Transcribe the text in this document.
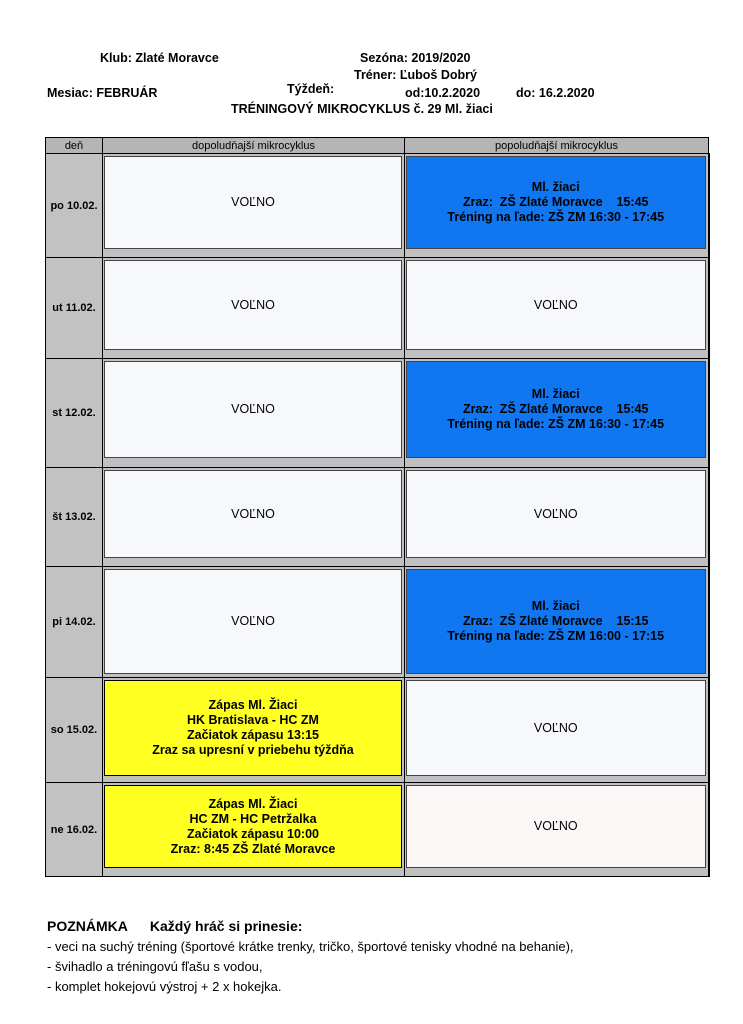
Klub: Zlaté Moravce	Sezóna: 2019/2020
Tréner: Ľuboš Dobrý
Mesiac: FEBRUÁR	Týždeň:	od:10.2.2020	do: 16.2.2020
TRÉNINGOVÝ MIKROCYKLUS č. 29 Ml. žiaci
deň	dopoludňajší mikrocyklus	popoludňajší mikrocyklus
po 10.02.	VOĽNO	Ml. žiaci
Zraz:  ZŠ Zlaté Moravce    15:45
Tréning na ľade: ZŠ ZM 16:30 - 17:45

ut 11.02.	VOĽNO	VOĽNO

st 12.02.	VOĽNO	Ml. žiaci
Zraz:  ZŠ Zlaté Moravce    15:45
Tréning na ľade: ZŠ ZM 16:30 - 17:45

št 13.02.	VOĽNO	VOĽNO

pi 14.02.	VOĽNO	Ml. žiaci
Zraz:  ZŠ Zlaté Moravce    15:15
Tréning na ľade: ZŠ ZM 16:00 - 17:15

so 15.02.	Zápas Ml. Žiaci
HK Bratislava - HC ZM
Začiatok zápasu 13:15
Zraz sa upresní v priebehu týždňa	VOĽNO

ne 16.02.	Zápas Ml. Žiaci
HC ZM - HC Petržalka
Začiatok zápasu 10:00
Zraz: 8:45 ZŠ Zlaté Moravce	VOĽNO
POZNÁMKA Každý hráč si prinesie:
- veci na suchý tréning (športové krátke trenky, tričko, športové tenisky vhodné na behanie),
- švihadlo a tréningovú fľašu s vodou,
- komplet hokejovú výstroj + 2 x hokejka.
